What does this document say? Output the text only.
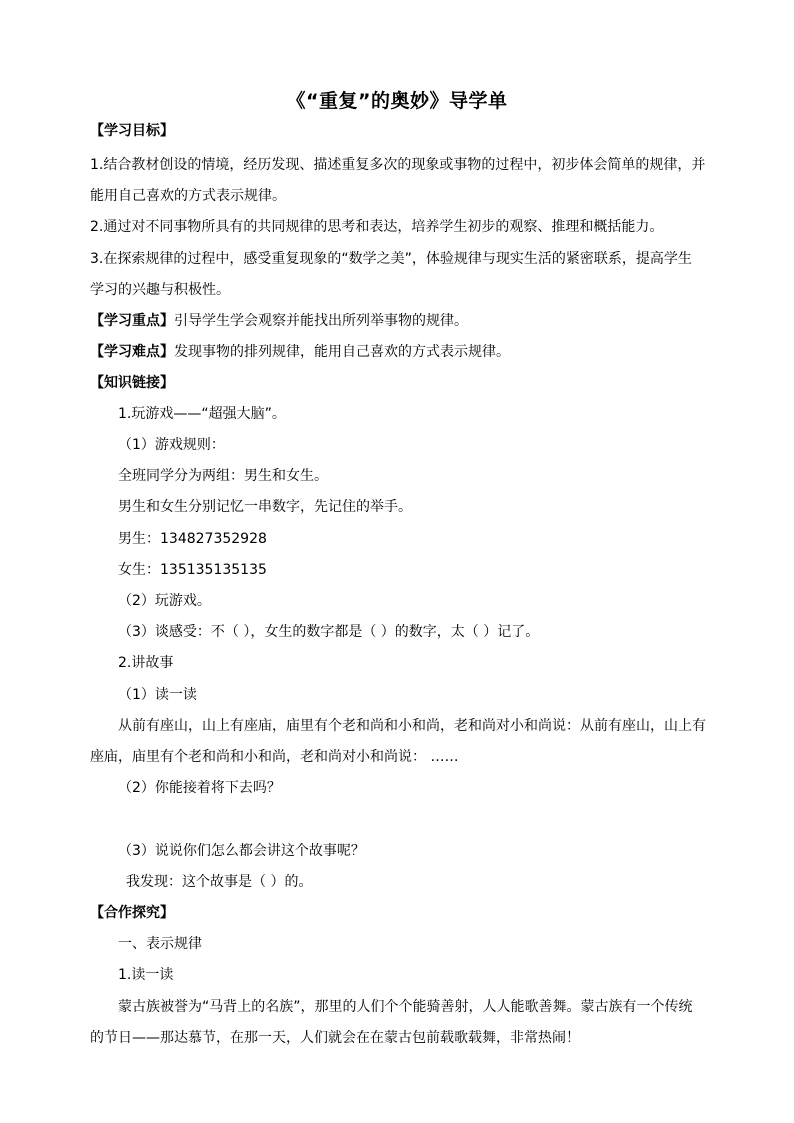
《“重复”的奥妙》导学单
【学习目标】
1.结合教材创设的情境，经历发现、描述重复多次的现象或事物的过程中，初步体会简单的规律，并
能用自己喜欢的方式表示规律。
2.通过对不同事物所具有的共同规律的思考和表达，培养学生初步的观察、推理和概括能力。
3.在探索规律的过程中，感受重复现象的“数学之美”，体验规律与现实生活的紧密联系，提高学生
学习的兴趣与积极性。
【学习重点】引导学生学会观察并能找出所列举事物的规律。
【学习难点】发现事物的排列规律，能用自己喜欢的方式表示规律。
【知识链接】
1.玩游戏——“超强大脑”。
（1）游戏规则：
全班同学分为两组：男生和女生。
男生和女生分别记忆一串数字，先记住的举手。
男生：134827352928
女生：135135135135
（2）玩游戏。
（3）谈感受：不（ ），女生的数字都是（ ）的数字，太（ ）记了。
2.讲故事
（1）读一读
从前有座山，山上有座庙，庙里有个老和尚和小和尚，老和尚对小和尚说：从前有座山，山上有
座庙，庙里有个老和尚和小和尚，老和尚对小和尚说： ……
（2）你能接着将下去吗？
（3）说说你们怎么都会讲这个故事呢？
我发现：这个故事是（ ）的。
【合作探究】
一、表示规律
1.读一读
蒙古族被誉为“马背上的名族”，那里的人们个个能骑善射，人人能歌善舞。蒙古族有一个传统
的节日——那达慕节，在那一天，人们就会在在蒙古包前载歌载舞，非常热闹！
